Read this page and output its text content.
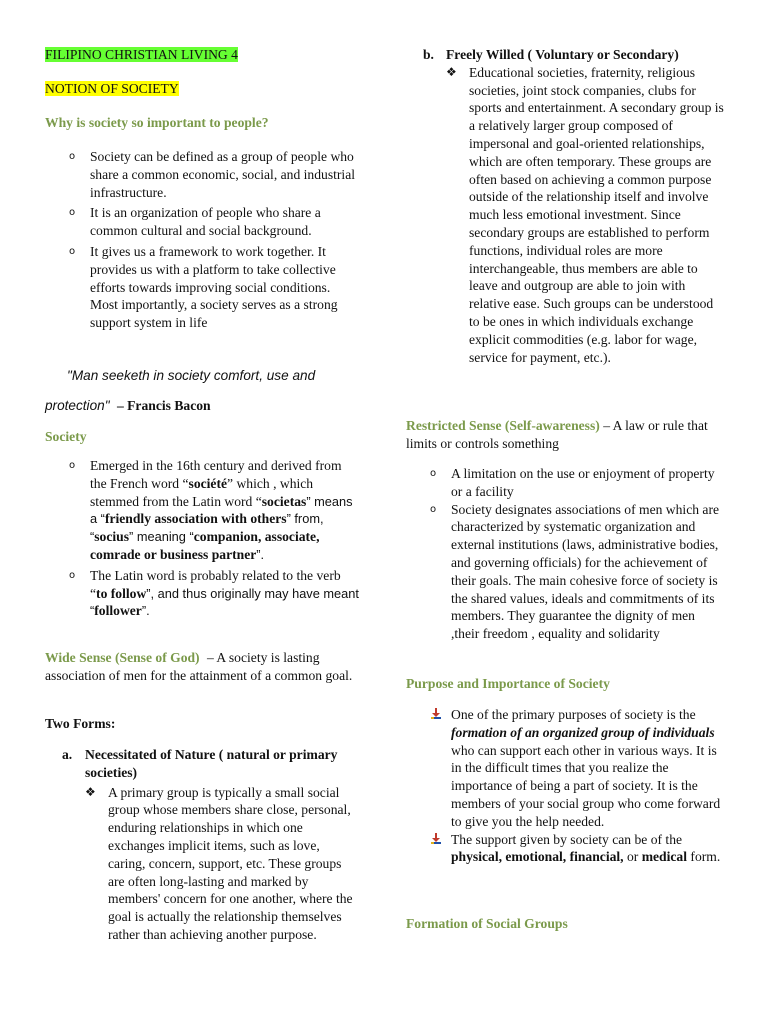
FILIPINO CHRISTIAN LIVING 4

NOTION OF SOCIETY

Why is society so important to people?

o Society can be defined as a group of people who share a common economic, social, and industrial infrastructure.
o It is an organization of people who share a common cultural and social background.
o It gives us a framework to work together. It provides us with a platform to take collective efforts towards improving social conditions. Most importantly, a society serves as a strong support system in life

"Man seeketh in society comfort, use and

protection" – Francis Bacon

Society

o Emerged in the 16th century and derived from the French word “société” which , which stemmed from the Latin word “societas” means a “friendly association with others” from, “socius” meaning “companion, associate, comrade or business partner”.
o The Latin word is probably related to the verb “to follow”, and thus originally may have meant “follower”.

Wide Sense (Sense of God) – A society is lasting association of men for the attainment of a common goal.

Two Forms:

a. Necessitated of Nature ( natural or primary societies)
❖ A primary group is typically a small social group whose members share close, personal, enduring relationships in which one exchanges implicit items, such as love, caring, concern, support, etc. These groups are often long-lasting and marked by members' concern for one another, where the goal is actually the relationship themselves rather than achieving another purpose.
b. Freely Willed ( Voluntary or Secondary)
❖ Educational societies, fraternity, religious societies, joint stock companies, clubs for sports and entertainment. A secondary group is a relatively larger group composed of impersonal and goal-oriented relationships, which are often temporary. These groups are often based on achieving a common purpose outside of the relationship itself and involve much less emotional investment. Since secondary groups are established to perform functions, individual roles are more interchangeable, thus members are able to leave and outgroup are able to join with relative ease. Such groups can be understood to be ones in which individuals exchange explicit commodities (e.g. labor for wage, service for payment, etc.).

Restricted Sense (Self-awareness) – A law or rule that limits or controls something

o A limitation on the use or enjoyment of property or a facility
o Society designates associations of men which are characterized by systematic organization and external institutions (laws, administrative bodies, and governing officials) for the achievement of their goals. The main cohesive force of society is the shared values, ideals and commitments of its members. They guarantee the dignity of men ,their freedom , equality and solidarity

Purpose and Importance of Society

One of the primary purposes of society is the formation of an organized group of individuals who can support each other in various ways. It is in the difficult times that you realize the importance of being a part of society. It is the members of your social group who come forward to give you the help needed.
The support given by society can be of the physical, emotional, financial, or medical form.

Formation of Social Groups
